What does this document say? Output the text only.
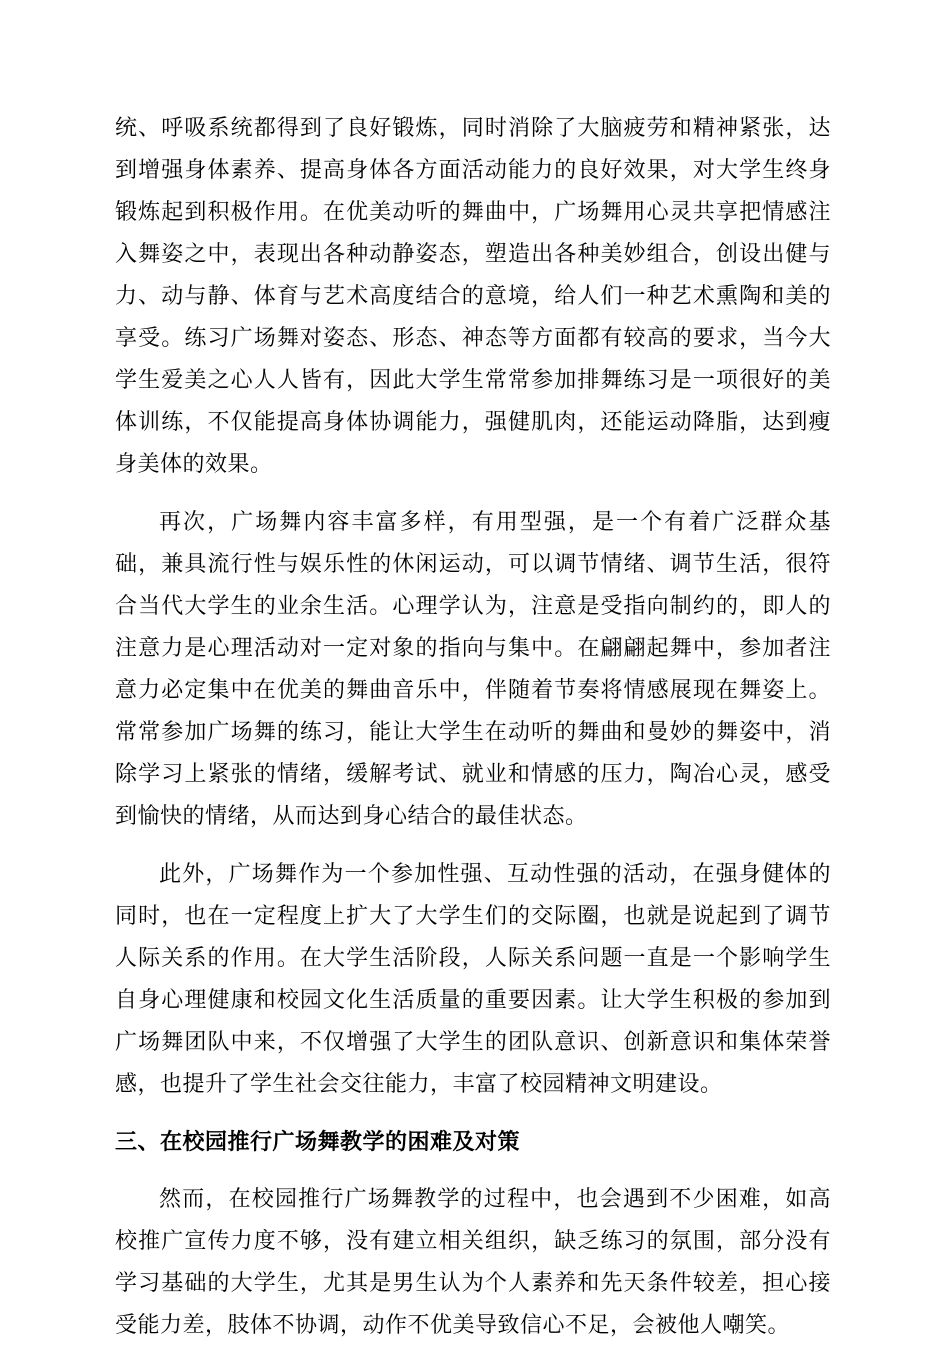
统、呼吸系统都得到了良好锻炼，同时消除了大脑疲劳和精神紧张，达到增强身体素养、提高身体各方面活动能力的良好效果，对大学生终身锻炼起到积极作用。在优美动听的舞曲中，广场舞用心灵共享把情感注入舞姿之中，表现出各种动静姿态，塑造出各种美妙组合，创设出健与力、动与静、体育与艺术高度结合的意境，给人们一种艺术熏陶和美的享受。练习广场舞对姿态、形态、神态等方面都有较高的要求，当今大学生爱美之心人人皆有，因此大学生常常参加排舞练习是一项很好的美体训练，不仅能提高身体协调能力，强健肌肉，还能运动降脂，达到瘦身美体的效果。

再次，广场舞内容丰富多样，有用型强，是一个有着广泛群众基础，兼具流行性与娱乐性的休闲运动，可以调节情绪、调节生活，很符合当代大学生的业余生活。心理学认为，注意是受指向制约的，即人的注意力是心理活动对一定对象的指向与集中。在翩翩起舞中，参加者注意力必定集中在优美的舞曲音乐中，伴随着节奏将情感展现在舞姿上。常常参加广场舞的练习，能让大学生在动听的舞曲和曼妙的舞姿中，消除学习上紧张的情绪，缓解考试、就业和情感的压力，陶冶心灵，感受到愉快的情绪，从而达到身心结合的最佳状态。

此外，广场舞作为一个参加性强、互动性强的活动，在强身健体的同时，也在一定程度上扩大了大学生们的交际圈，也就是说起到了调节人际关系的作用。在大学生活阶段，人际关系问题一直是一个影响学生自身心理健康和校园文化生活质量的重要因素。让大学生积极的参加到广场舞团队中来，不仅增强了大学生的团队意识、创新意识和集体荣誉感，也提升了学生社会交往能力，丰富了校园精神文明建设。

三、在校园推行广场舞教学的困难及对策

然而，在校园推行广场舞教学的过程中，也会遇到不少困难，如高校推广宣传力度不够，没有建立相关组织，缺乏练习的氛围，部分没有学习基础的大学生，尤其是男生认为个人素养和先天条件较差，担心接受能力差，肢体不协调，动作不优美导致信心不足，会被他人嘲笑。
